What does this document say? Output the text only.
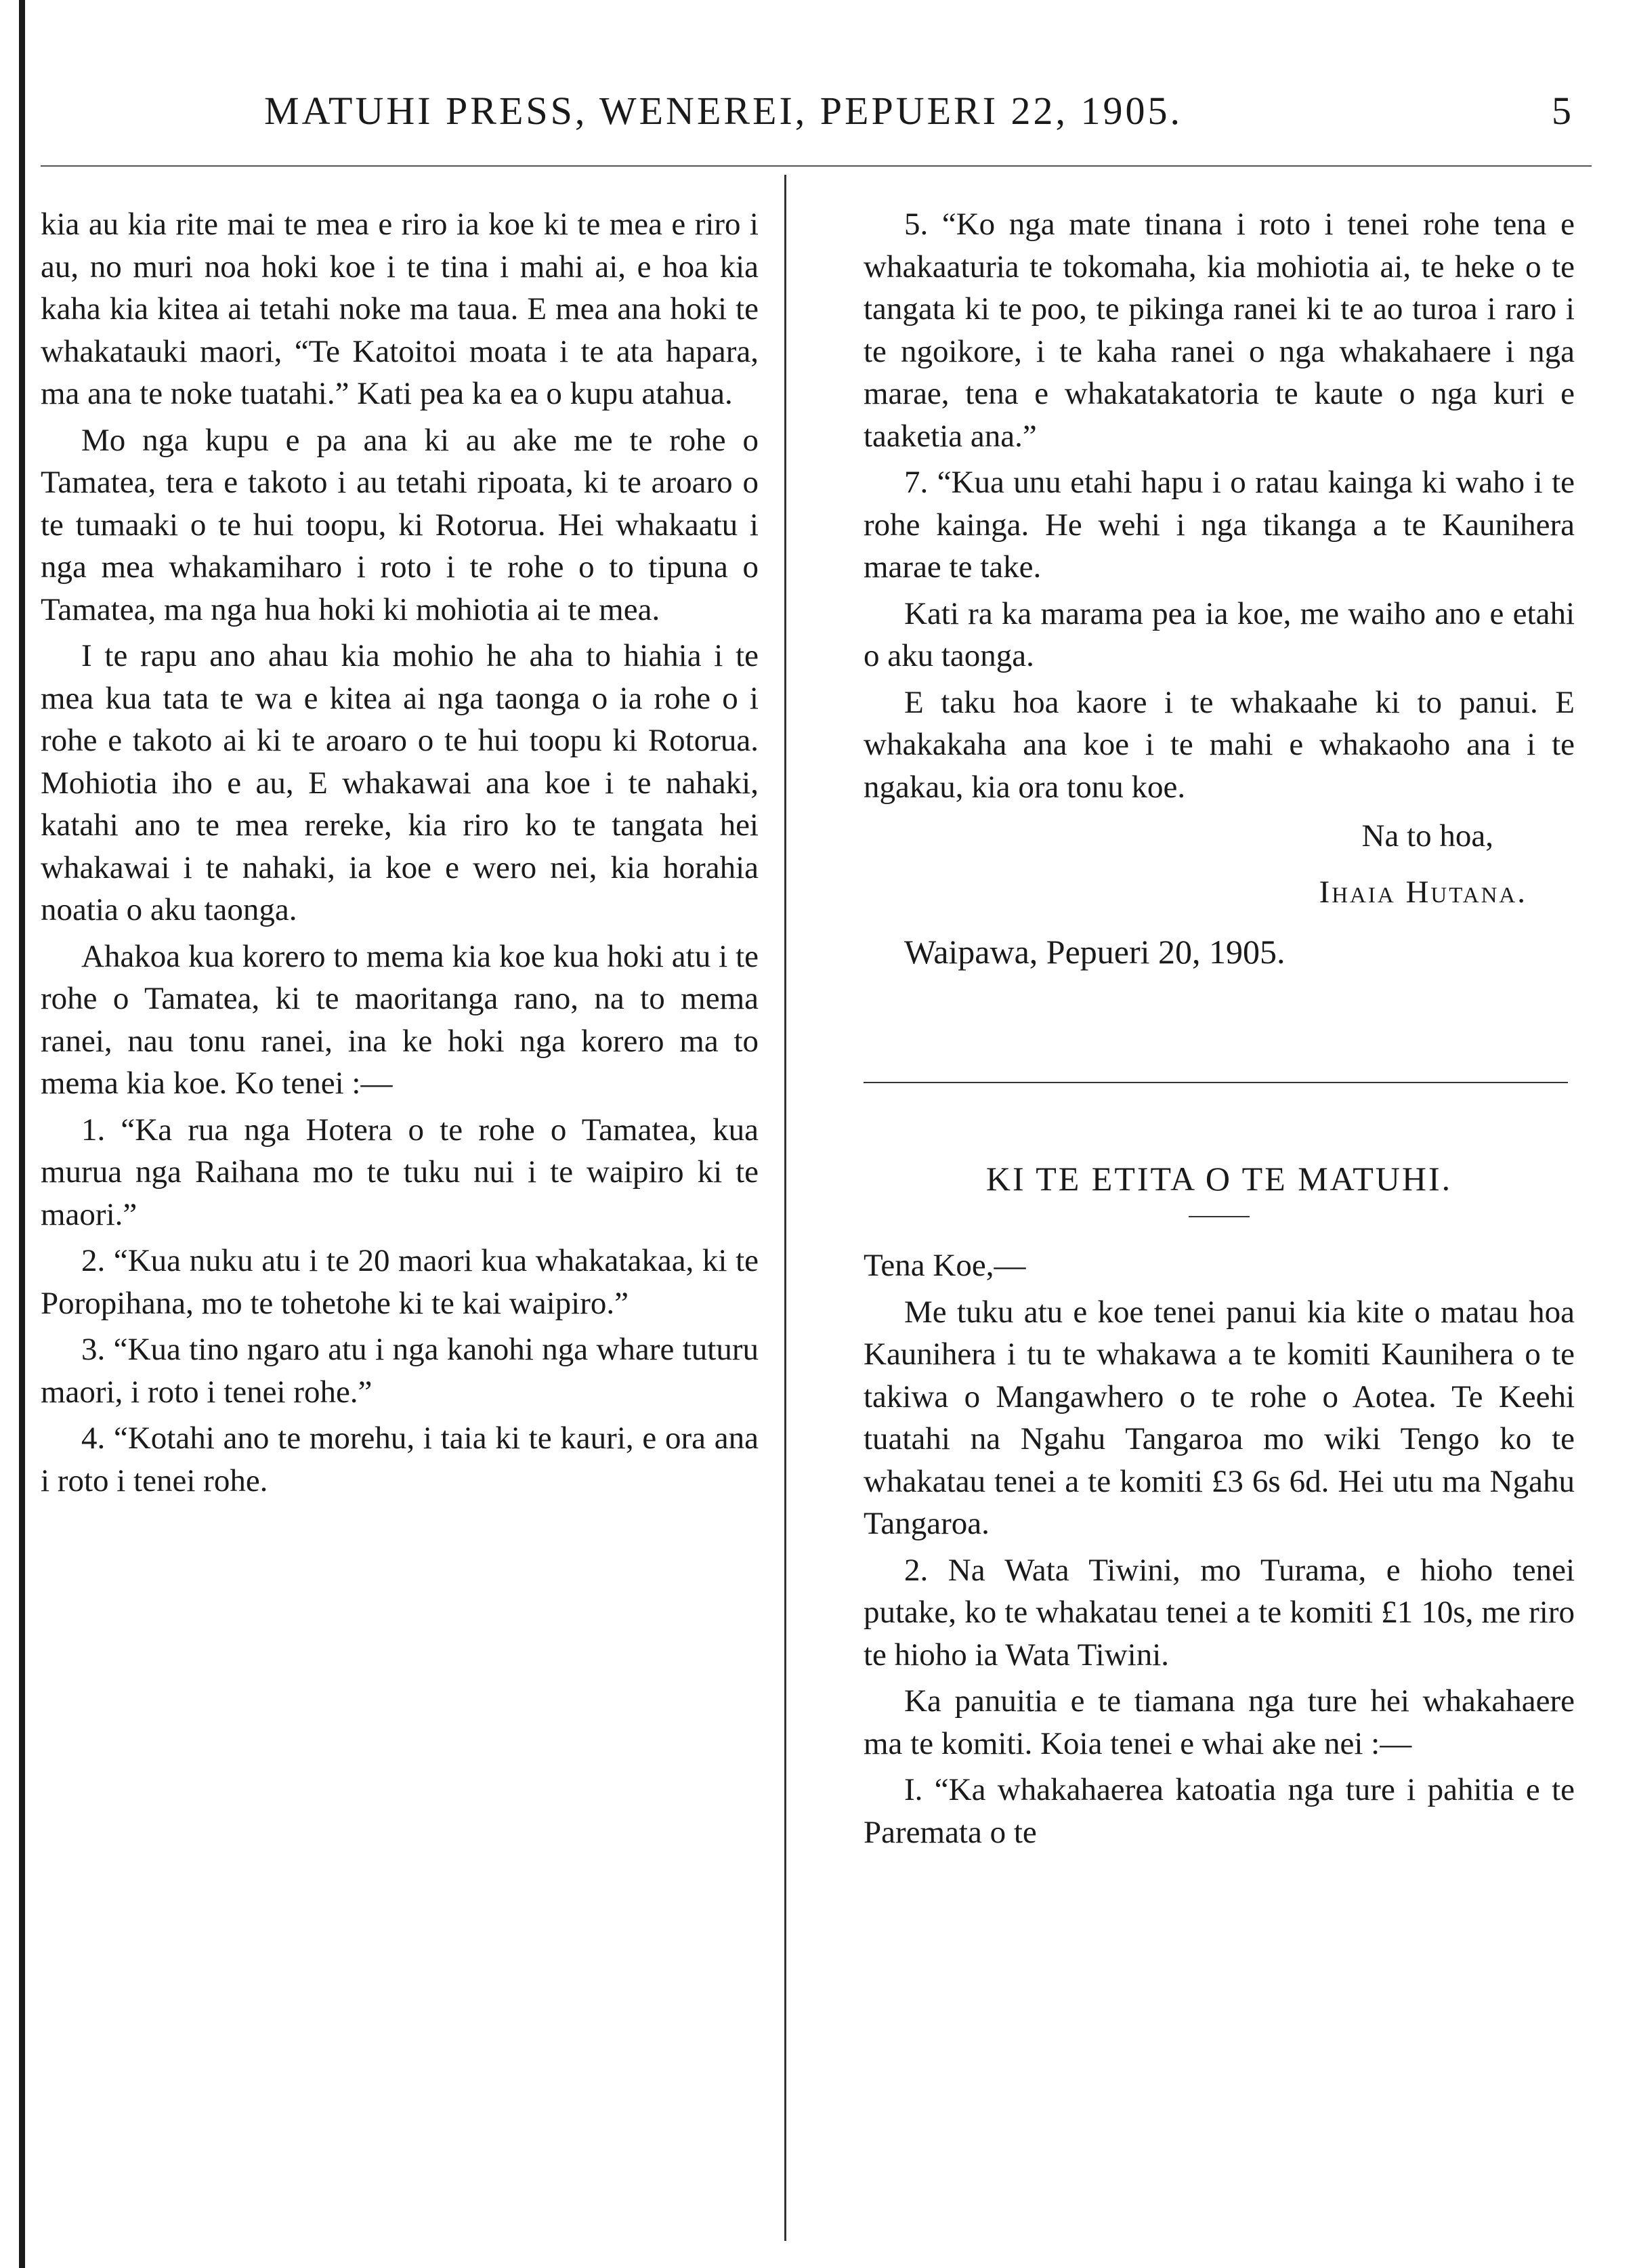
MATUHI PRESS, WENEREI, PEPUERI 22, 1905.	5

kia au kia rite mai te mea e riro ia koe ki te mea e riro i au, no muri noa hoki koe i te tina i mahi ai, e hoa kia kaha kia kitea ai tetahi noke ma taua. E mea ana hoki te whakatauki maori, “Te Katoitoi moata i te ata hapara, ma ana te noke tuatahi.” Kati pea ka ea o kupu atahua.

Mo nga kupu e pa ana ki au ake me te rohe o Tamatea, tera e takoto i au tetahi ripoata, ki te aroaro o te tumaaki o te hui toopu, ki Rotorua. Hei whakaatu i nga mea whakamiharo i roto i te rohe o to tipuna o Tamatea, ma nga hua hoki ki mohiotia ai te mea.

I te rapu ano ahau kia mohio he aha to hiahia i te mea kua tata te wa e kitea ai nga taonga o ia rohe o i rohe e takoto ai ki te aroaro o te hui toopu ki Rotorua. Mohiotia iho e au, E whakawai ana koe i te nahaki, katahi ano te mea rereke, kia riro ko te tangata hei whakawai i te nahaki, ia koe e wero nei, kia horahia noatia o aku taonga.

Ahakoa kua korero to mema kia koe kua hoki atu i te rohe o Tamatea, ki te maoritanga rano, na to mema ranei, nau tonu ranei, ina ke hoki nga korero ma to mema kia koe. Ko tenei :—

1. “Ka rua nga Hotera o te rohe o Tamatea, kua murua nga Raihana mo te tuku nui i te waipiro ki te maori.”

2. “Kua nuku atu i te 20 maori kua whakatakaa, ki te Poropihana, mo te tohetohe ki te kai waipiro.”

3. “Kua tino ngaro atu i nga kanohi nga whare tuturu maori, i roto i tenei rohe.”

4. “Kotahi ano te morehu, i taia ki te kauri, e ora ana i roto i tenei rohe.

5. “Ko nga mate tinana i roto i tenei rohe tena e whakaaturia te tokomaha, kia mohiotia ai, te heke o te tangata ki te poo, te pikinga ranei ki te ao turoa i raro i te ngoikore, i te kaha ranei o nga whakahaere i nga marae, tena e whakatakatoria te kaute o nga kuri e taaketia ana.”

7. “Kua unu etahi hapu i o ratau kainga ki waho i te rohe kainga. He wehi i nga tikanga a te Kaunihera marae te take.

Kati ra ka marama pea ia koe, me waiho ano e etahi o aku taonga.

E taku hoa kaore i te whakaahe ki to panui. E whakakaha ana koe i te mahi e whakaoho ana i te ngakau, kia ora tonu koe.

Na to hoa,

Ihaia Hutana.

Waipawa, Pepueri 20, 1905.

KI TE ETITA O TE MATUHI.

Tena Koe,—

Me tuku atu e koe tenei panui kia kite o matau hoa Kaunihera i tu te whakawa a te komiti Kaunihera o te takiwa o Mangawhero o te rohe o Aotea. Te Keehi tuatahi na Ngahu Tangaroa mo wiki Tengo ko te whakatau tenei a te komiti £3 6s 6d. Hei utu ma Ngahu Tangaroa.

2. Na Wata Tiwini, mo Turama, e hioho tenei putake, ko te whakatau tenei a te komiti £1 10s, me riro te hioho ia Wata Tiwini.

Ka panuitia e te tiamana nga ture hei whakahaere ma te komiti. Koia tenei e whai ake nei :—

I. “Ka whakahaerea katoatia nga ture i pahitia e te Paremata o te
